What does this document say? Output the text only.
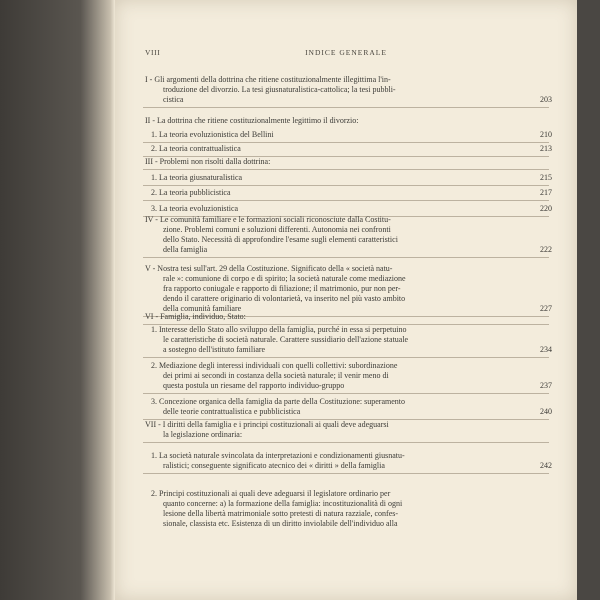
VIII	INDICE GENERALE
I - Gli argomenti della dottrina che ritiene costituzionalmente illegittima l'in-
troduzione del divorzio. La tesi giusnaturalistica-cattolica; la tesi pubbli-
cistica	203
II - La dottrina che ritiene costituzionalmente legittimo il divorzio:
1. La teoria evoluzionistica del Bellini	210
2. La teoria contrattualistica	213
III - Problemi non risolti dalla dottrina:
1. La teoria giusnaturalistica	215
2. La teoria pubblicistica	217
3. La teoria evoluzionistica	220
IV - Le comunità familiare e le formazioni sociali riconosciute dalla Costitu-
zione. Problemi comuni e soluzioni differenti. Autonomia nei confronti
dello Stato. Necessità di approfondire l'esame sugli elementi caratteristici
della famiglia	222
V - Nostra tesi sull'art. 29 della Costituzione. Significato della « società natu-
rale »: comunione di corpo e di spirito; la società naturale come mediazione
fra rapporto coniugale e rapporto di filiazione; il matrimonio, pur non per-
dendo il carattere originario di volontarietà, va inserito nel più vasto ambito
della comunità familiare	227
VI - Famiglia, individuo, Stato:
1. Interesse dello Stato allo sviluppo della famiglia, purché in essa si perpetuino
le caratteristiche di società naturale. Carattere sussidiario dell'azione statuale
a sostegno dell'istituto familiare	234
2. Mediazione degli interessi individuali con quelli collettivi: subordinazione
dei primi ai secondi in costanza della società naturale; il venir meno di
questa postula un riesame del rapporto individuo-gruppo	237
3. Concezione organica della famiglia da parte della Costituzione: superamento
delle teorie contrattualistica e pubblicistica	240
VII - I diritti della famiglia e i principi costituzionali ai quali deve adeguarsi
la legislazione ordinaria:
1. La società naturale svincolata da interpretazioni e condizionamenti giusnatu-
ralistici; conseguente significato atecnico dei « diritti » della famiglia	242
2. Principi costituzionali ai quali deve adeguarsi il legislatore ordinario per
quanto concerne: a) la formazione della famiglia: incostituzionalità di ogni
lesione della libertà matrimoniale sotto pretesti di natura razziale, confes-
sionale, classista etc. Esistenza di un diritto inviolabile dell'individuo alla
